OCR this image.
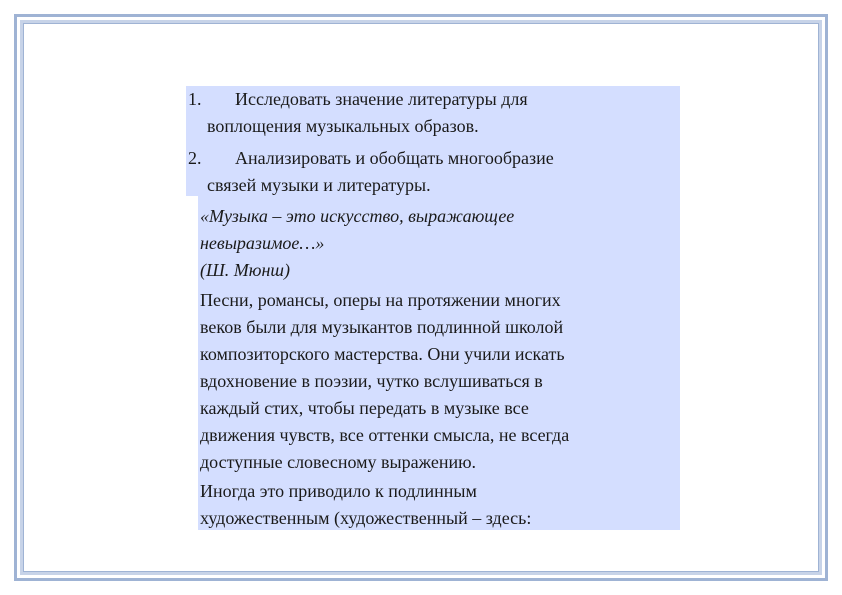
1. Исследовать значение литературы для
воплощения музыкальных образов.
2. Анализировать и обобщать многообразие
связей музыки и литературы.
«Музыка – это искусство, выражающее
невыразимое…»
(Ш. Мюнш)
Песни, романсы, оперы на протяжении многих
веков были для музыкантов подлинной школой
композиторского мастерства. Они учили искать
вдохновение в поэзии, чутко вслушиваться в
каждый стих, чтобы передать в музыке все
движения чувств, все оттенки смысла, не всегда
доступные словесному выражению.
Иногда это приводило к подлинным
художественным (художественный – здесь:
